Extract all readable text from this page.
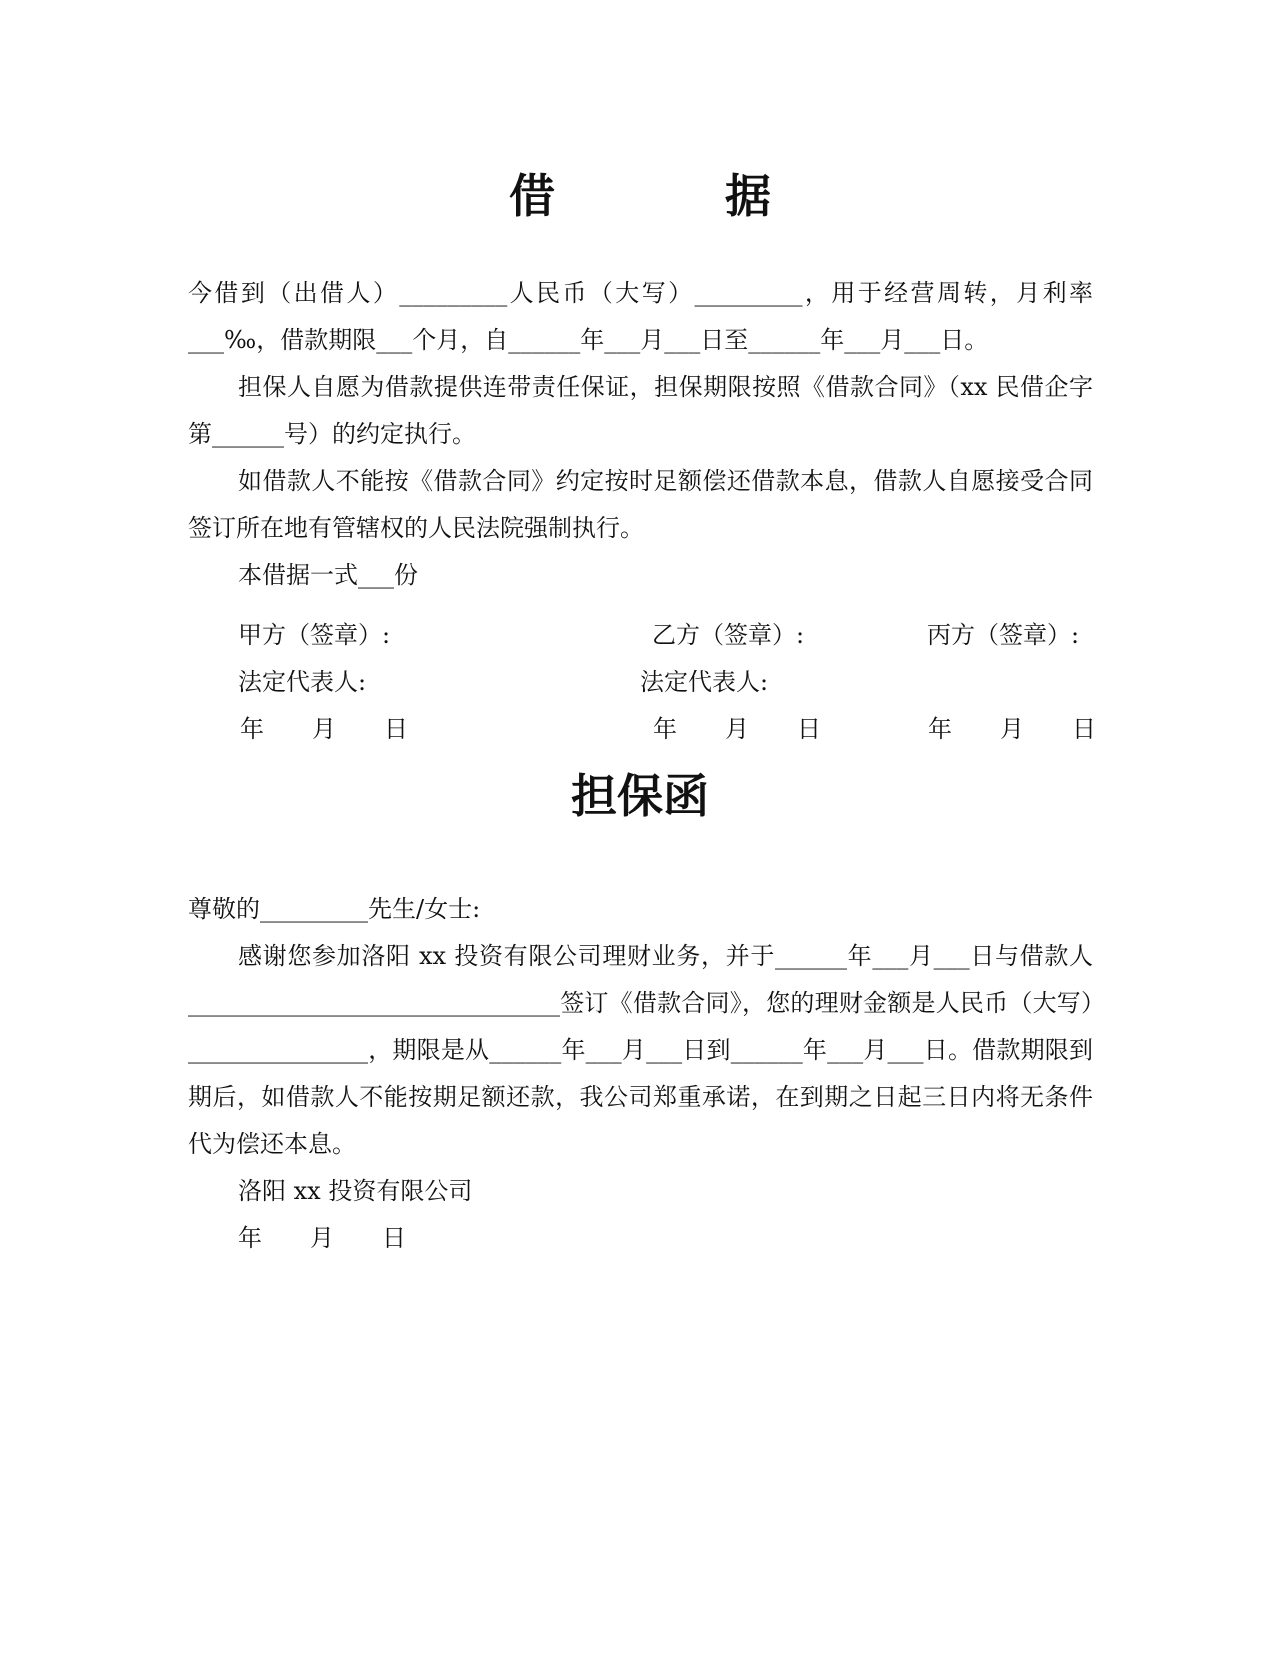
借　据

今借到（出借人）_________人民币（大写）_________，用于经营周转，月利率___‰，借款期限___个月，自______年___月___日至______年___月___日。

担保人自愿为借款提供连带责任保证，担保期限按照《借款合同》（xx 民借企字第______号）的约定执行。

如借款人不能按《借款合同》约定按时足额偿还借款本息，借款人自愿接受合同签订所在地有管辖权的人民法院强制执行。

本借据一式___份

甲方（签章）:	乙方（签章）:	丙方（签章）:
法定代表人:	法定代表人:
年　　月　　日	年　　月　　日	年　　月　　日
担保函

尊敬的_________先生/女士:

感谢您参加洛阳 xx 投资有限公司理财业务，并于______年___月___日与借款人_______________________________签订《借款合同》，您的理财金额是人民币（大写）_______________，期限是从______年___月___日到______年___月___日。借款期限到期后，如借款人不能按期足额还款，我公司郑重承诺，在到期之日起三日内将无条件代为偿还本息。

洛阳 xx 投资有限公司

年　　月　　日
